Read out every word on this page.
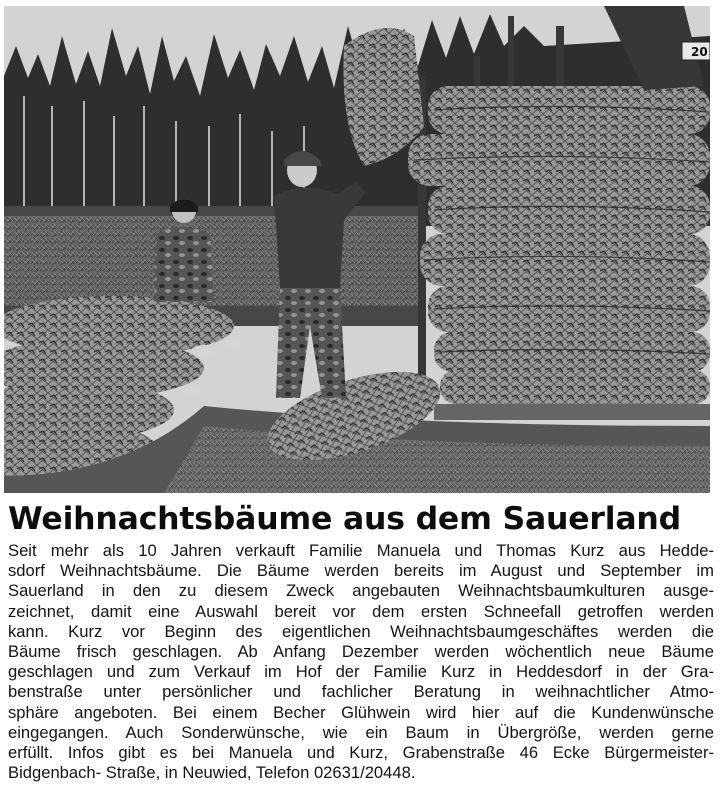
20
Weihnachtsbäume aus dem Sauerland
Seit mehr als 10 Jahren verkauft Familie Manuela und Thomas Kurz aus Hedde-
sdorf Weihnachtsbäume. Die Bäume werden bereits im August und September im
Sauerland in den zu diesem Zweck angebauten Weihnachtsbaumkulturen ausge-
zeichnet, damit eine Auswahl bereit vor dem ersten Schneefall getroffen werden
kann. Kurz vor Beginn des eigentlichen Weihnachtsbaumgeschäftes werden die
Bäume frisch geschlagen. Ab Anfang Dezember werden wöchentlich neue Bäume
geschlagen und zum Verkauf im Hof der Familie Kurz in Heddesdorf in der Gra-
benstraße unter persönlicher und fachlicher Beratung in weihnachtlicher Atmo-
sphäre angeboten. Bei einem Becher Glühwein wird hier auf die Kundenwünsche
eingegangen. Auch Sonderwünsche, wie ein Baum in Übergröße, werden gerne
erfüllt. Infos gibt es bei Manuela und Kurz, Grabenstraße 46 Ecke Bürgermeister-
Bidgenbach- Straße, in Neuwied, Telefon 02631/20448.
